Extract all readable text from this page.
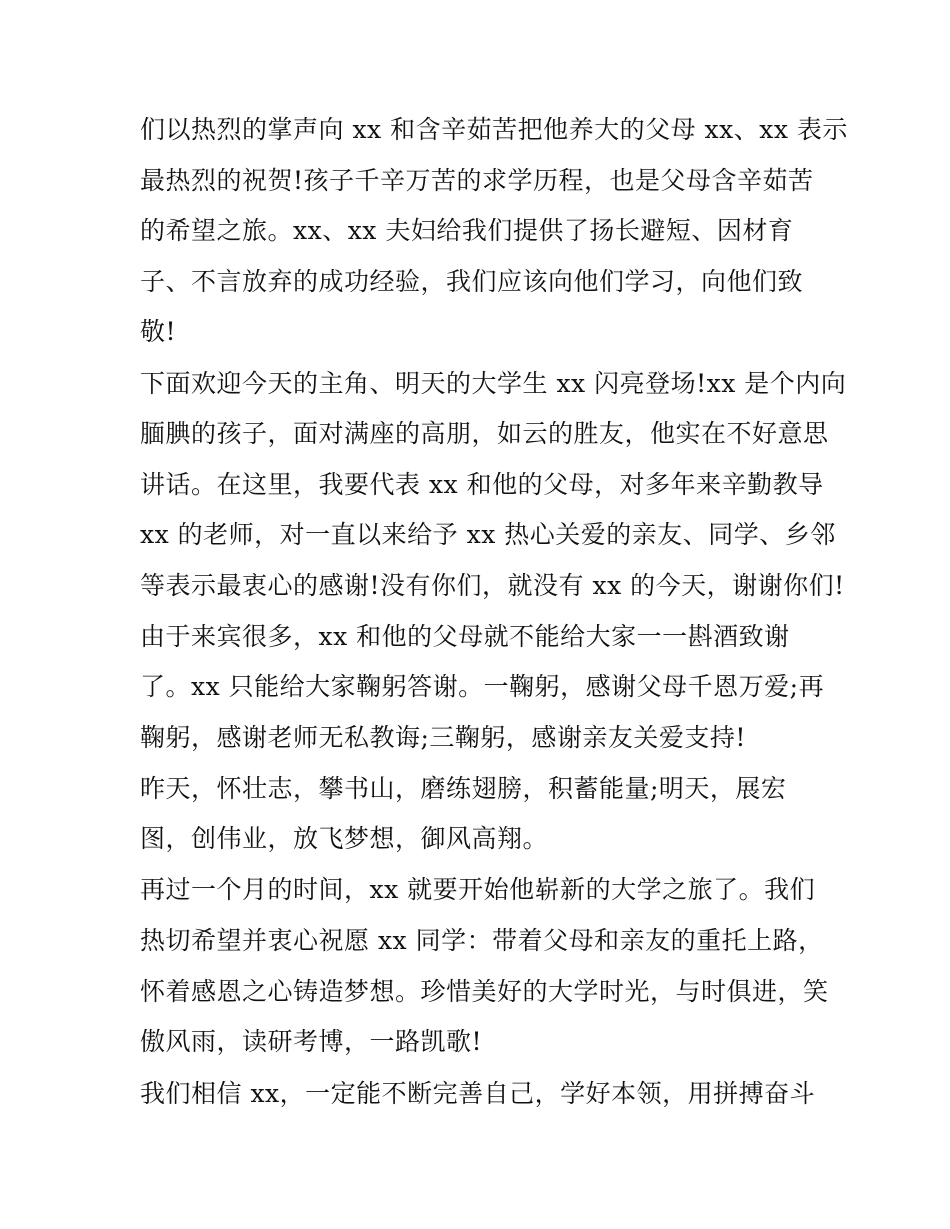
们以热烈的掌声向 xx 和含辛茹苦把他养大的父母 xx、xx 表示
最热烈的祝贺!孩子千辛万苦的求学历程，也是父母含辛茹苦
的希望之旅。xx、xx 夫妇给我们提供了扬长避短、因材育
子、不言放弃的成功经验，我们应该向他们学习，向他们致
敬!
下面欢迎今天的主角、明天的大学生 xx 闪亮登场!xx 是个内向
腼腆的孩子，面对满座的高朋，如云的胜友，他实在不好意思
讲话。在这里，我要代表 xx 和他的父母，对多年来辛勤教导
xx 的老师，对一直以来给予 xx 热心关爱的亲友、同学、乡邻
等表示最衷心的感谢!没有你们，就没有 xx 的今天，谢谢你们!
由于来宾很多，xx 和他的父母就不能给大家一一斟酒致谢
了。xx 只能给大家鞠躬答谢。一鞠躬，感谢父母千恩万爱;再
鞠躬，感谢老师无私教诲;三鞠躬，感谢亲友关爱支持!
昨天，怀壮志，攀书山，磨练翅膀，积蓄能量;明天，展宏
图，创伟业，放飞梦想，御风高翔。
再过一个月的时间，xx 就要开始他崭新的大学之旅了。我们
热切希望并衷心祝愿 xx 同学：带着父母和亲友的重托上路，
怀着感恩之心铸造梦想。珍惜美好的大学时光，与时俱进，笑
傲风雨，读研考博，一路凯歌!
我们相信 xx，一定能不断完善自己，学好本领，用拼搏奋斗
